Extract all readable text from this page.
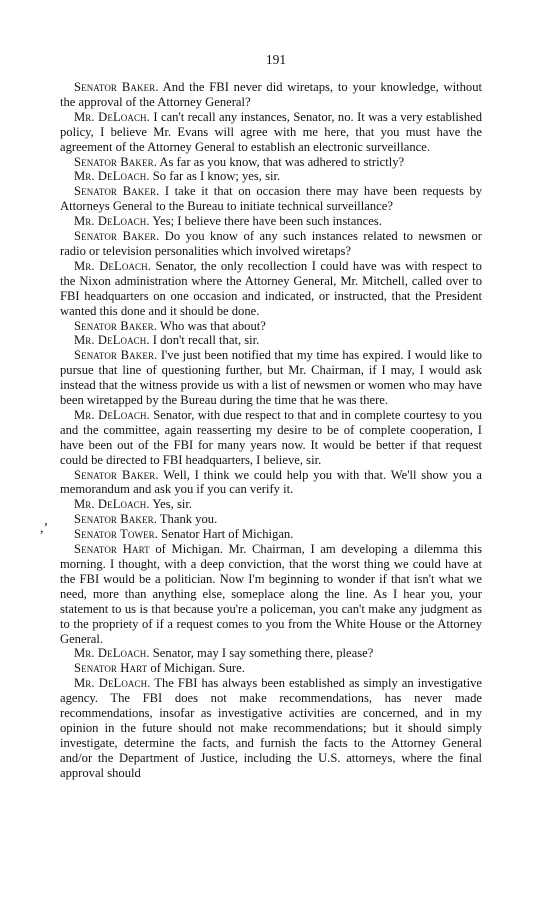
191
,’

Senator Baker. And the FBI never did wiretaps, to your knowledge, without the approval of the Attorney General?

Mr. DeLoach. I can't recall any instances, Senator, no. It was a very established policy, I believe Mr. Evans will agree with me here, that you must have the agreement of the Attorney General to establish an electronic surveillance.

Senator Baker. As far as you know, that was adhered to strictly?

Mr. DeLoach. So far as I know; yes, sir.

Senator Baker. I take it that on occasion there may have been requests by Attorneys General to the Bureau to initiate technical surveillance?

Mr. DeLoach. Yes; I believe there have been such instances.

Senator Baker. Do you know of any such instances related to newsmen or radio or television personalities which involved wiretaps?

Mr. DeLoach. Senator, the only recollection I could have was with respect to the Nixon administration where the Attorney General, Mr. Mitchell, called over to FBI headquarters on one occasion and indicated, or instructed, that the President wanted this done and it should be done.

Senator Baker. Who was that about?

Mr. DeLoach. I don't recall that, sir.

Senator Baker. I've just been notified that my time has expired. I would like to pursue that line of questioning further, but Mr. Chairman, if I may, I would ask instead that the witness provide us with a list of newsmen or women who may have been wiretapped by the Bureau during the time that he was there.

Mr. DeLoach. Senator, with due respect to that and in complete courtesy to you and the committee, again reasserting my desire to be of complete cooperation, I have been out of the FBI for many years now. It would be better if that request could be directed to FBI headquarters, I believe, sir.

Senator Baker. Well, I think we could help you with that. We'll show you a memorandum and ask you if you can verify it.

Mr. DeLoach. Yes, sir.

Senator Baker. Thank you.

Senator Tower. Senator Hart of Michigan.

Senator Hart of Michigan. Mr. Chairman, I am developing a dilemma this morning. I thought, with a deep conviction, that the worst thing we could have at the FBI would be a politician. Now I'm beginning to wonder if that isn't what we need, more than anything else, someplace along the line. As I hear you, your statement to us is that because you're a policeman, you can't make any judgment as to the propriety of if a request comes to you from the White House or the Attorney General.

Mr. DeLoach. Senator, may I say something there, please?

Senator Hart of Michigan. Sure.

Mr. DeLoach. The FBI has always been established as simply an investigative agency. The FBI does not make recommendations, has never made recommendations, insofar as investigative activities are concerned, and in my opinion in the future should not make recommendations; but it should simply investigate, determine the facts, and furnish the facts to the Attorney General and/or the Department of Justice, including the U.S. attorneys, where the final approval should
